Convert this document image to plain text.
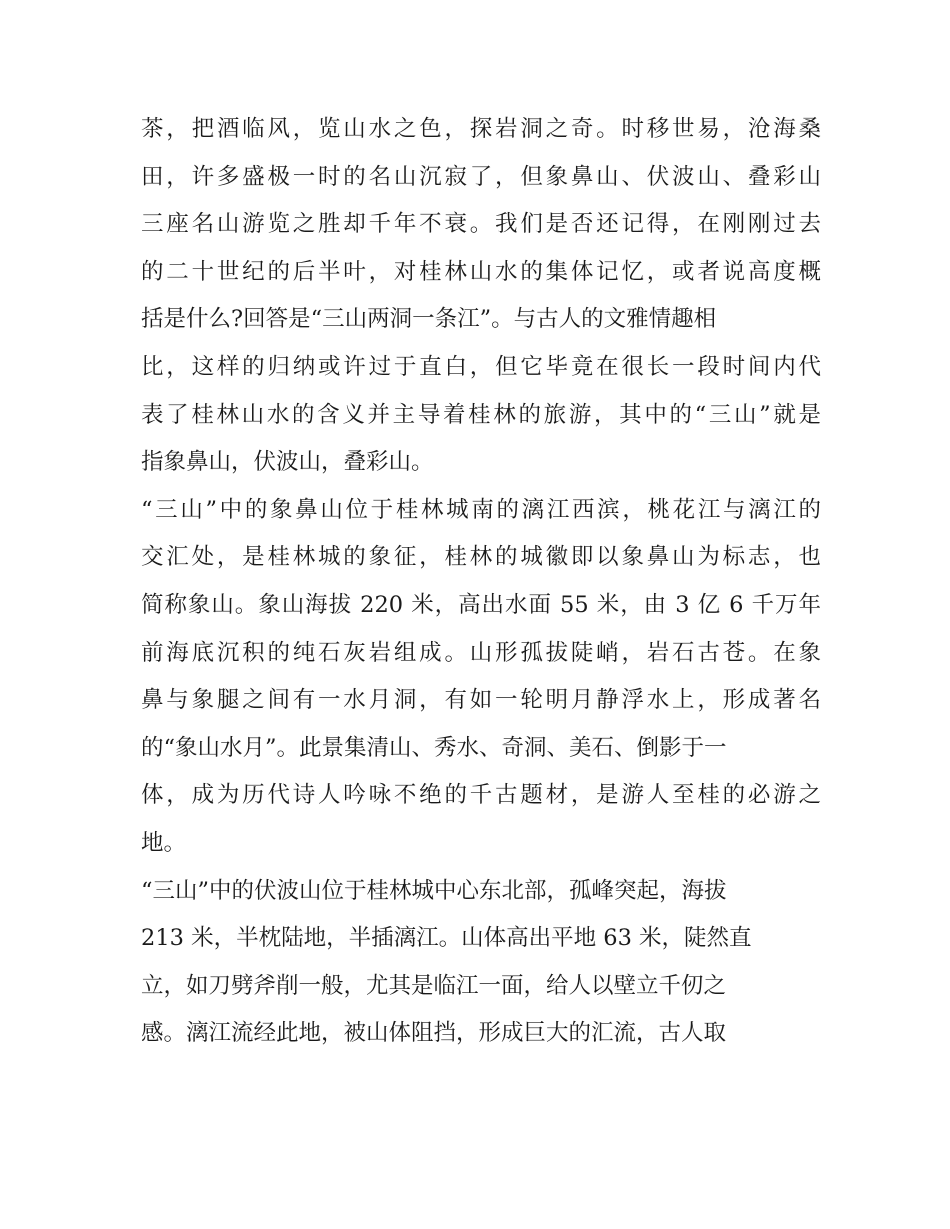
茶，把酒临风，览山水之色，探岩洞之奇。时移世易，沧海桑
田，许多盛极一时的名山沉寂了，但象鼻山、伏波山、叠彩山
三座名山游览之胜却千年不衰。我们是否还记得，在刚刚过去
的二十世纪的后半叶，对桂林山水的集体记忆，或者说高度概
括是什么?回答是“三山两洞一条江”。与古人的文雅情趣相
比，这样的归纳或许过于直白，但它毕竟在很长一段时间内代
表了桂林山水的含义并主导着桂林的旅游，其中的“三山”就是
指象鼻山，伏波山，叠彩山。
“三山”中的象鼻山位于桂林城南的漓江西滨，桃花江与漓江的
交汇处，是桂林城的象征，桂林的城徽即以象鼻山为标志，也
简称象山。象山海拔 220 米，高出水面 55 米，由 3 亿 6 千万年
前海底沉积的纯石灰岩组成。山形孤拔陡峭，岩石古苍。在象
鼻与象腿之间有一水月洞，有如一轮明月静浮水上，形成著名
的“象山水月”。此景集清山、秀水、奇洞、美石、倒影于一
体，成为历代诗人吟咏不绝的千古题材，是游人至桂的必游之
地。
“三山”中的伏波山位于桂林城中心东北部，孤峰突起，海拔
213 米，半枕陆地，半插漓江。山体高出平地 63 米，陡然直
立，如刀劈斧削一般，尤其是临江一面，给人以壁立千仞之
感。漓江流经此地，被山体阻挡，形成巨大的汇流，古人取
